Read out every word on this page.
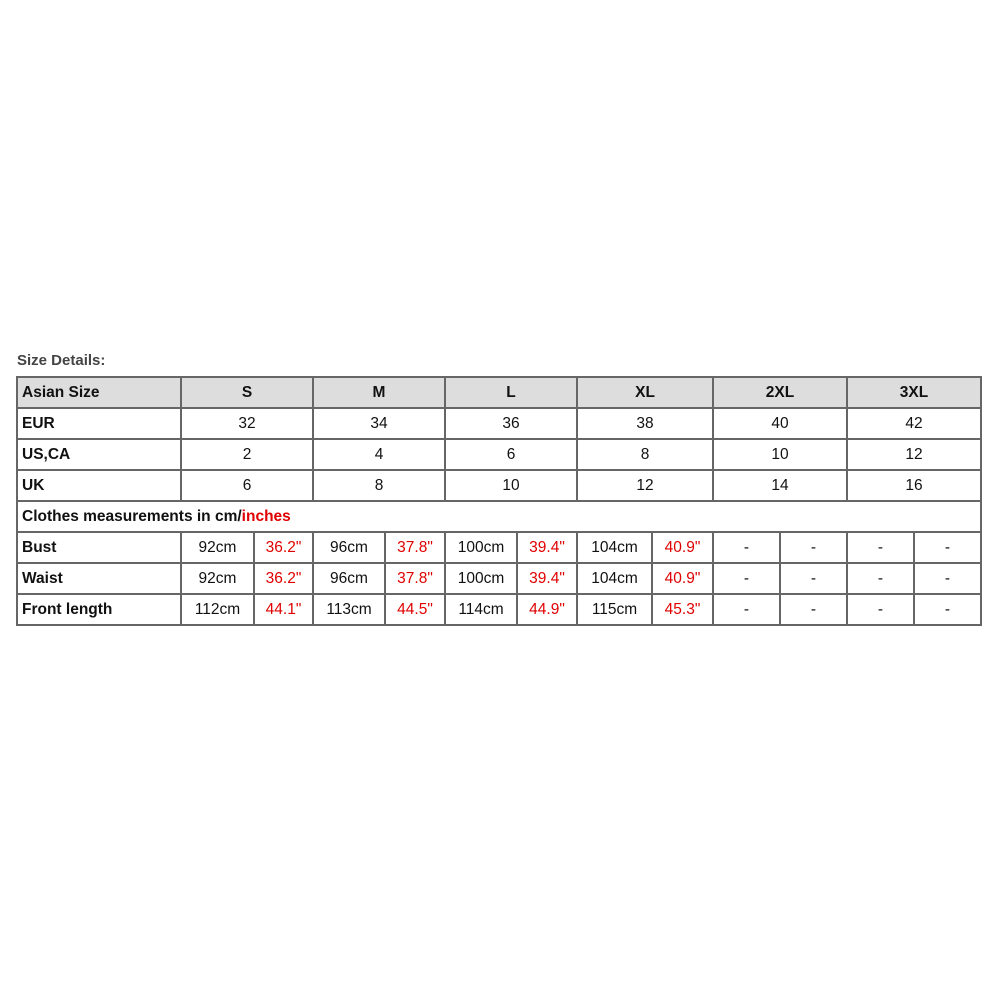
Size Details:
Asian Size	S		M		L		XL		2XL		3XL	
EUR	32		34		36		38		40		42	
US,CA	2		4		6		8		10		12	
UK	6		8		10		12		14		16	
Clothes measurements in cm/inches												
Bust	92cm	36.2"	96cm	37.8"	100cm	39.4"	104cm	40.9"	-	-	-	-
Waist	92cm	36.2"	96cm	37.8"	100cm	39.4"	104cm	40.9"	-	-	-	-
Front length	112cm	44.1"	113cm	44.5"	114cm	44.9"	115cm	45.3"	-	-	-	-
